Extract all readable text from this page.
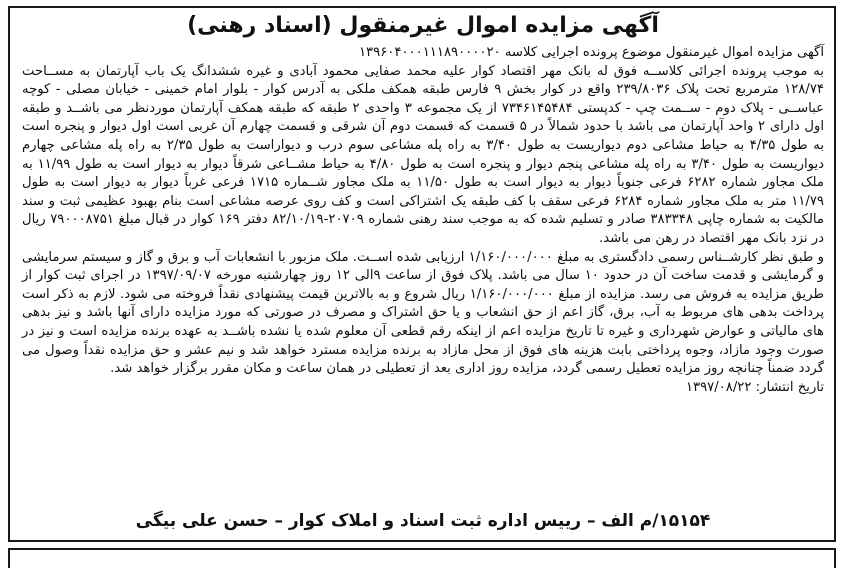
آگهی مزایده اموال غیرمنقول (اسناد رهنی)

آگهی مزایده اموال غیرمنقول موضوع پرونده اجرایی کلاسه ۱۳۹۶۰۴۰۰۰۱۱۱۸۹۰۰۰۰۲۰

به موجب پرونده اجرائی کلاســه فوق له بانک مهر اقتصاد کوار علیه محمد صفایی محمود آبادی و غیره ششدانگ یک باب آپارتمان به مســاحت ۱۲۸/۷۴ مترمربع تحت پلاک ۲۳۹/۸۰۳۶ واقع در کوار بخش ۹ فارس طبقه همکف ملکی به آدرس کوار - بلوار امام خمینی - خیابان مصلی - کوچه عباســی - پلاک دوم - ســمت چپ - کدپستی ۷۳۴۶۱۴۵۴۸۴ از یک مجموعه ۳ واحدی ۲ طبقه که طبقه همکف آپارتمان موردنظر می باشــد و طبقه اول دارای ۲ واحد آپارتمان می باشد با حدود شمالاً در ۵ قسمت که قسمت دوم آن شرقی و قسمت چهارم آن غربی است اول دیوار و پنجره است به طول ۴/۳۵ به حیاط مشاعی دوم دیواریست به طول ۳/۴۰ به راه پله مشاعی سوم درب و دیواراست به طول ۲/۳۵ به راه پله مشاعی چهارم دیواریست به طول ۳/۴۰ به راه پله مشاعی پنجم دیوار و پنجره است به طول ۴/۸۰ به حیاط مشــاعی شرقاً دیوار به دیوار است به طول ۱۱/۹۹ به ملک مجاور شماره ۶۲۸۲ فرعی جنوباً دیوار به دیوار است به طول ۱۱/۵۰ به ملک مجاور شــماره ۱۷۱۵ فرعی غرباً دیوار به دیوار است به طول ۱۱/۷۹ متر به ملک مجاور شماره ۶۲۸۴ فرعی سقف با کف طبقه یک اشتراکی است و کف روی عرصه مشاعی است بنام بهبود عظیمی ثبت و سند مالکیت به شماره چاپی ۳۸۳۳۴۸ صادر و تسلیم شده که به موجب سند رهنی شماره ۲۰۷۰۹-۸۲/۱۰/۱۹ دفتر ۱۶۹ کوار در قبال مبلغ ۷۹۰۰۰۸۷۵۱ ریال در نزد بانک مهر اقتصاد در رهن می باشد.

و طبق نظر کارشــناس رسمی دادگستری به مبلغ ۱/۱۶۰/۰۰۰/۰۰۰ ارزیابی شده اســت. ملک مزبور با انشعابات آب و برق و گاز و سیستم سرمایشی و گرمایشی و قدمت ساخت آن در حدود ۱۰ سال می باشد. پلاک فوق از ساعت ۹الی ۱۲ روز چهارشنبه مورخه ۱۳۹۷/۰۹/۰۷ در اجرای ثبت کوار از طریق مزایده به فروش می رسد. مزایده از مبلغ ۱/۱۶۰/۰۰۰/۰۰۰ ریال شروع و به بالاترین قیمت پیشنهادی نقداً فروخته می شود. لازم به ذکر است پرداخت بدهی های مربوط به آب، برق، گاز اعم از حق انشعاب و یا حق اشتراک و مصرف در صورتی که مورد مزایده دارای آنها باشد و نیز بدهی های مالیاتی و عوارض شهرداری و غیره تا تاریخ مزایده اعم از اینکه رقم قطعی آن معلوم شده یا نشده باشــد به عهده برنده مزایده است و نیز در صورت وجود مازاد، وجوه پرداختی بابت هزینه های فوق از محل مازاد به برنده مزایده مسترد خواهد شد و نیم عشر و حق مزایده نقداً وصول می گردد ضمناً چنانچه روز مزایده تعطیل رسمی گردد، مزایده روز اداری بعد از تعطیلی در همان ساعت و مکان مقرر برگزار خواهد شد.

تاریخ انتشار: ۱۳۹۷/۰۸/۲۲

۱۵۱۵۴/م الف – رییس اداره ثبت اسناد و املاک کوار – حسن علی بیگی
